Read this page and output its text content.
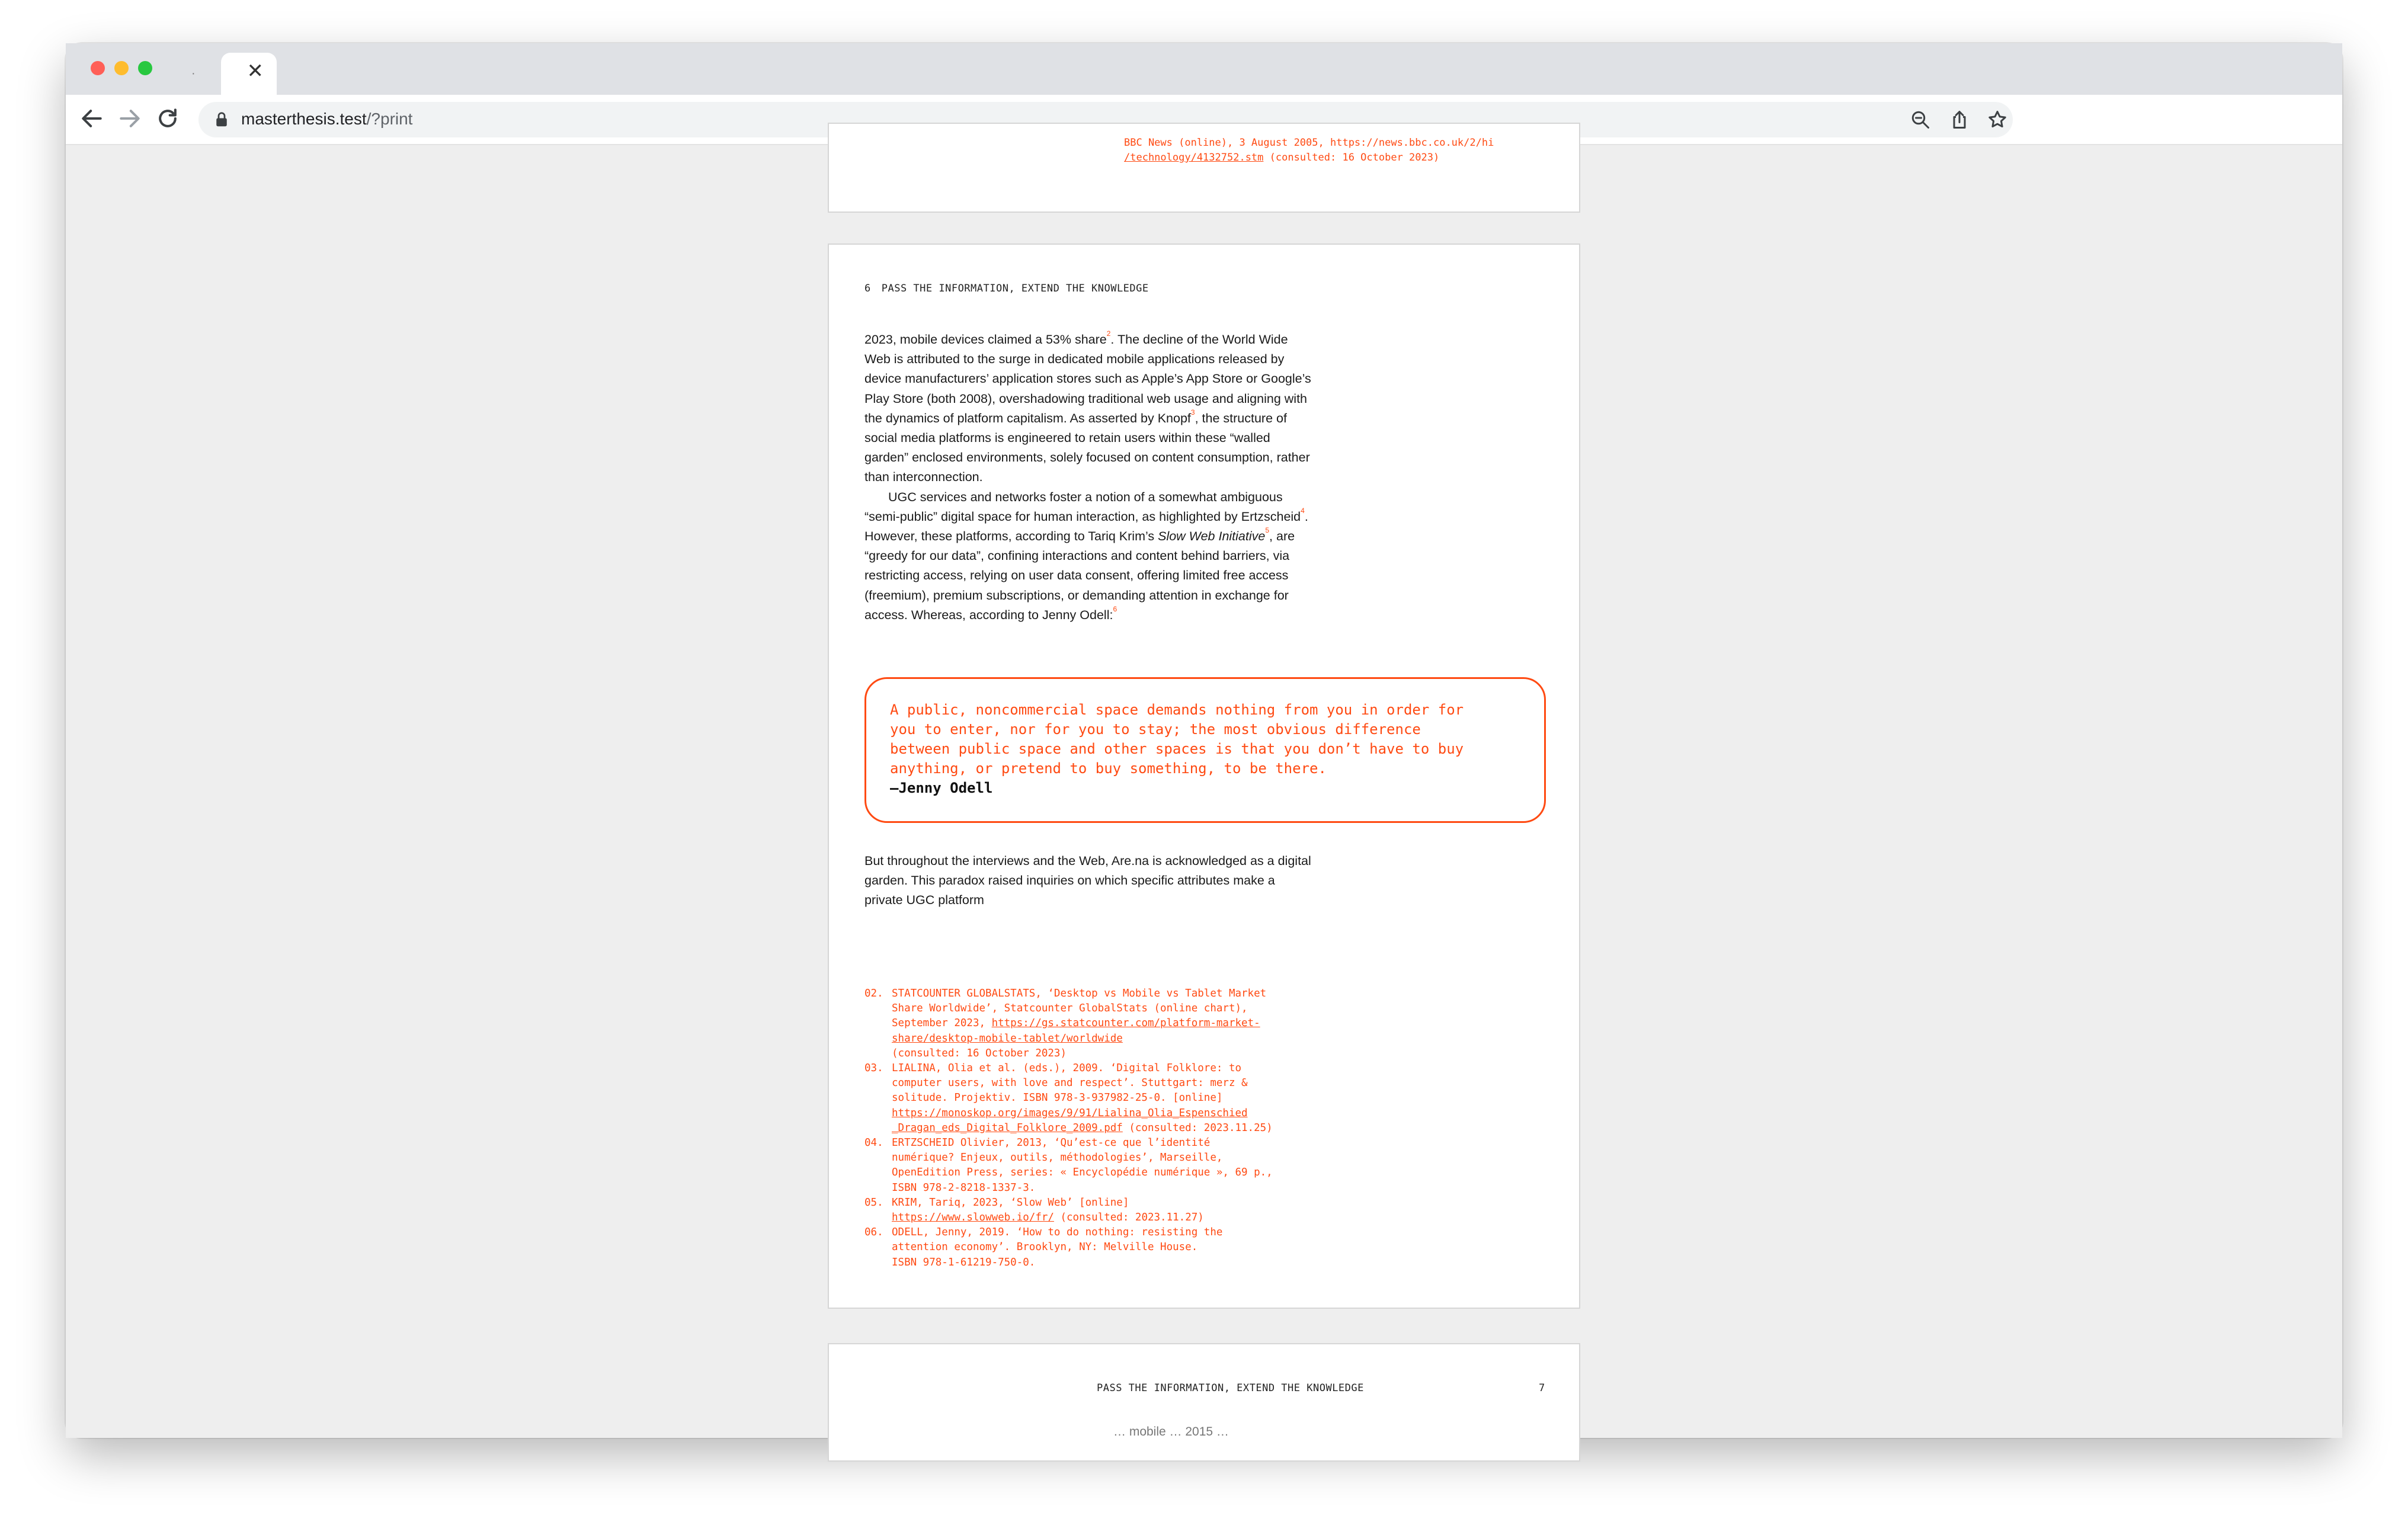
·	✕
masterthesis.test/?print
BBC News (online), 3 August 2005, https://news.bbc.co.uk/2/hi
/technology/4132752.stm (consulted: 16 October 2023)
6 PASS THE INFORMATION, EXTEND THE KNOWLEDGE

2023, mobile devices claimed a 53% share$^2$. The decline of the World Wide Web is attributed to the surge in dedicated mobile applications released by device manufacturers’ application stores such as Apple’s App Store or Google’s Play Store (both 2008), overshadowing traditional web usage and aligning with the dynamics of platform capitalism. As asserted by Knopf$^3$, the structure of social media platforms is engineered to retain users within these “walled garden” enclosed environments, solely focused on content consumption, rather than interconnection.

UGC services and networks foster a notion of a somewhat ambiguous “semi-public” digital space for human interaction, as highlighted by Ertzscheid$^4$. However, these platforms, according to Tariq Krim’s Slow Web Initiative$^5$, are “greedy for our data”, confining interactions and content behind barriers, via restricting access, relying on user data consent, offering limited free access (freemium), premium subscriptions, or demanding attention in exchange for access. Whereas, according to Jenny Odell:$^6$

A public, noncommercial space demands nothing from you in order for
you to enter, nor for you to stay; the most obvious difference
between public space and other spaces is that you don’t have to buy
anything, or pretend to buy something, to be there.
—Jenny Odell
But throughout the interviews and the Web, Are.na is acknowledged as a digital garden. This paradox raised inquiries on which specific attributes make a private UGC platform
02. STATCOUNTER GLOBALSTATS, ‘Desktop vs Mobile vs Tablet Market
Share Worldwide’, Statcounter GlobalStats (online chart),
September 2023, https://gs.statcounter.com/platform-market-
share/desktop-mobile-tablet/worldwide
(consulted: 16 October 2023)
03. LIALINA, Olia et al. (eds.), 2009. ‘Digital Folklore: to
computer users, with love and respect’. Stuttgart: merz &
solitude. Projektiv. ISBN 978-3-937982-25-0. [online]
https://monoskop.org/images/9/91/Lialina_Olia_Espenschied
_Dragan_eds_Digital_Folklore_2009.pdf (consulted: 2023.11.25)
04. ERTZSCHEID Olivier, 2013, ‘Qu’est-ce que l’identité
numérique? Enjeux, outils, méthodologies’, Marseille,
OpenEdition Press, series: « Encyclopédie numérique », 69 p.,
ISBN 978-2-8218-1337-3.
05. KRIM, Tariq, 2023, ‘Slow Web’ [online]
https://www.slowweb.io/fr/ (consulted: 2023.11.27)
06. ODELL, Jenny, 2019. ‘How to do nothing: resisting the
attention economy’. Brooklyn, NY: Melville House.
ISBN 978-1-61219-750-0.
PASS THE INFORMATION, EXTEND THE KNOWLEDGE	7
… mobile … 2015 …
